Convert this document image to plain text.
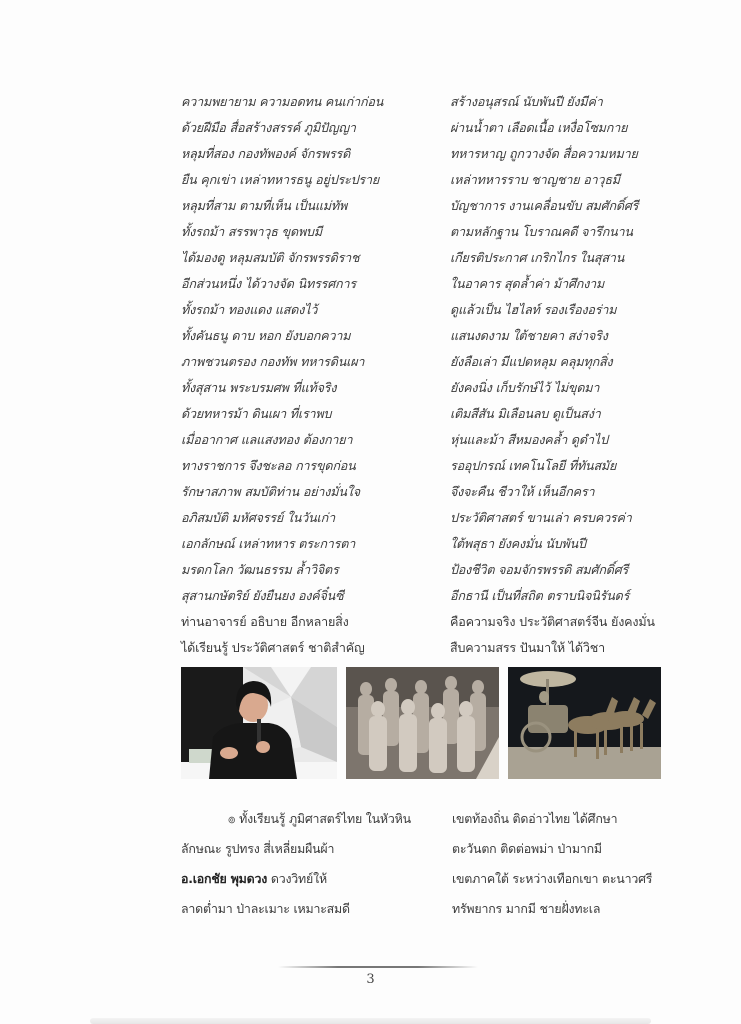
ความพยายาม ความอดทน คนเก่าก่อน
ด้วยฝีมือ สื่อสร้างสรรค์ ภูมิปัญญา
หลุมที่สอง กองทัพองค์ จักรพรรดิ
ยืน คุกเข่า เหล่าทหารธนู อยู่ประปราย
หลุมที่สาม ตามที่เห็น เป็นแม่ทัพ
ทั้งรถม้า สรรพาวุธ ขุดพบมี
ได้มองดู หลุมสมบัติ จักรพรรดิราช
อีกส่วนหนึ่ง ได้วางจัด นิทรรศการ
ทั้งรถม้า ทองแดง แสดงไว้
ทั้งคันธนู ดาบ หอก ยังบอกความ
ภาพชวนตรอง กองทัพ ทหารดินเผา
ทั้งสุสาน พระบรมศพ ที่แท้จริง
ด้วยทหารม้า ดินเผา ที่เราพบ
เมื่ออากาศ แลแสงทอง ต้องกายา
ทางราชการ จึงชะลอ การขุดก่อน
รักษาสภาพ สมบัติท่าน อย่างมั่นใจ
อภิสมบัติ มหัศจรรย์ ในวันเก่า
เอกลักษณ์ เหล่าทหาร ตระการตา
มรดกโลก วัฒนธรรม ล้ำวิจิตร
สุสานกษัตริย์ ยังยืนยง องค์จิ๋นซี
ท่านอาจารย์ อธิบาย อีกหลายสิ่ง
ได้เรียนรู้ ประวัติศาสตร์ ชาติสำคัญ
สร้างอนุสรณ์ นับพันปี ยังมีค่า
ผ่านน้ำตา เลือดเนื้อ เหงื่อโซมกาย
ทหารหาญ ถูกวางจัด สื่อความหมาย
เหล่าทหารราบ ชาญชาย อาวุธมี
บัญชาการ งานเคลื่อนขับ สมศักดิ์ศรี
ตามหลักฐาน โบราณคดี จารึกนาน
เกียรติประกาศ เกริกไกร ในสุสาน
ในอาคาร สุดล้ำค่า ม้าศึกงาม
ดูแล้วเป็น ไฮไลท์ รองเรืองอร่าม
แสนงดงาม ใต้ชายคา สง่าจริง
ยังลือเล่า มีแปดหลุม คลุมทุกสิ่ง
ยังคงนิ่ง เก็บรักษ์ไว้ ไม่ขุดมา
เติมสีสัน มิเลือนลบ ดูเป็นสง่า
หุ่นและม้า สีหมองคล้ำ ดูดำไป
รออุปกรณ์ เทคโนโลยี ที่ทันสมัย
จึงจะคืน ชีวาให้ เห็นอีกครา
ประวัติศาสตร์ ขานเล่า ครบควรค่า
ใต้พสุธา ยังคงมั่น นับพันปี
ป้องชีวิต จอมจักรพรรดิ สมศักดิ์ศรี
อีกธานี เป็นที่สถิต ตราบนิจนิรันดร์
คือความจริง ประวัติศาสตร์จีน ยังคงมั่น
สืบความสรร ปันมาให้ ได้วิชา
๏ ทั้งเรียนรู้ ภูมิศาสตร์ไทย ในหัวหิน
ลักษณะ รูปทรง สี่เหลี่ยมผืนผ้า
อ.เอกชัย พุมดวง ดวงวิทย์ให้
ลาดต่ำมา ป่าละเมาะ เหมาะสมดี
เขตท้องถิ่น ติดอ่าวไทย ได้ศึกษา
ตะวันตก ติดต่อพม่า ป่ามากมี
เขตภาคใต้ ระหว่างเทือกเขา ตะนาวศรี
ทรัพยากร มากมี ชายฝั่งทะเล
3
